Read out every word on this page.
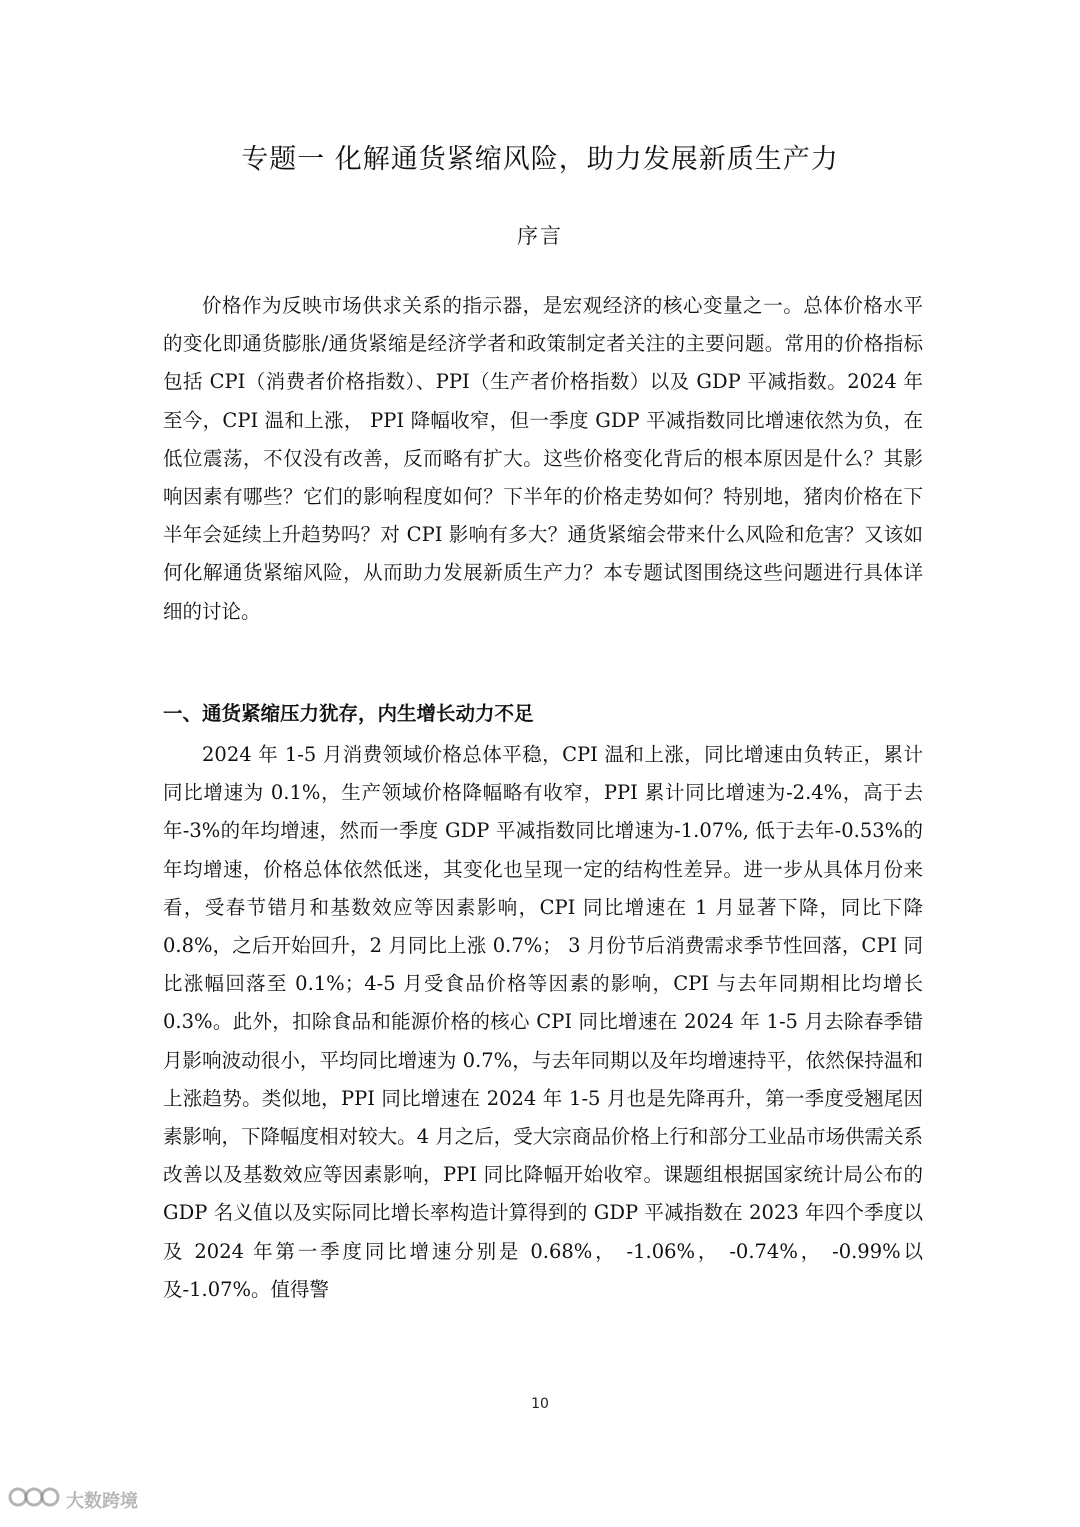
专题一 化解通货紧缩风险，助力发展新质生产力
序言

价格作为反映市场供求关系的指示器，是宏观经济的核心变量之一。总体价格水平的变化即通货膨胀/通货紧缩是经济学者和政策制定者关注的主要问题。常用的价格指标包括 CPI（消费者价格指数）、PPI（生产者价格指数）以及 GDP 平减指数。2024 年至今，CPI 温和上涨， PPI 降幅收窄，但一季度 GDP 平减指数同比增速依然为负，在低位震荡，不仅没有改善，反而略有扩大。这些价格变化背后的根本原因是什么？其影响因素有哪些？它们的影响程度如何？下半年的价格走势如何？特别地，猪肉价格在下半年会延续上升趋势吗？对 CPI 影响有多大？通货紧缩会带来什么风险和危害？又该如何化解通货紧缩风险，从而助力发展新质生产力？本专题试图围绕这些问题进行具体详细的讨论。

一、通货紧缩压力犹存，内生增长动力不足

2024 年 1-5 月消费领域价格总体平稳，CPI 温和上涨，同比增速由负转正，累计同比增速为 0.1%，生产领域价格降幅略有收窄，PPI 累计同比增速为-2.4%，高于去年-3%的年均增速，然而一季度 GDP 平减指数同比增速为-1.07%, 低于去年-0.53%的年均增速，价格总体依然低迷，其变化也呈现一定的结构性差异。进一步从具体月份来看，受春节错月和基数效应等因素影响，CPI 同比增速在 1 月显著下降，同比下降 0.8%，之后开始回升，2 月同比上涨 0.7%； 3 月份节后消费需求季节性回落，CPI 同比涨幅回落至 0.1%；4-5 月受食品价格等因素的影响，CPI 与去年同期相比均增长 0.3%。此外，扣除食品和能源价格的核心 CPI 同比增速在 2024 年 1-5 月去除春季错月影响波动很小，平均同比增速为 0.7%，与去年同期以及年均增速持平，依然保持温和上涨趋势。类似地，PPI 同比增速在 2024 年 1-5 月也是先降再升，第一季度受翘尾因素影响，下降幅度相对较大。4 月之后，受大宗商品价格上行和部分工业品市场供需关系改善以及基数效应等因素影响，PPI 同比降幅开始收窄。课题组根据国家统计局公布的 GDP 名义值以及实际同比增长率构造计算得到的 GDP 平减指数在 2023 年四个季度以及 2024 年第一季度同比增速分别是 0.68%， -1.06%， -0.74%， -0.99%以及-1.07%。值得警

10
大数跨境
